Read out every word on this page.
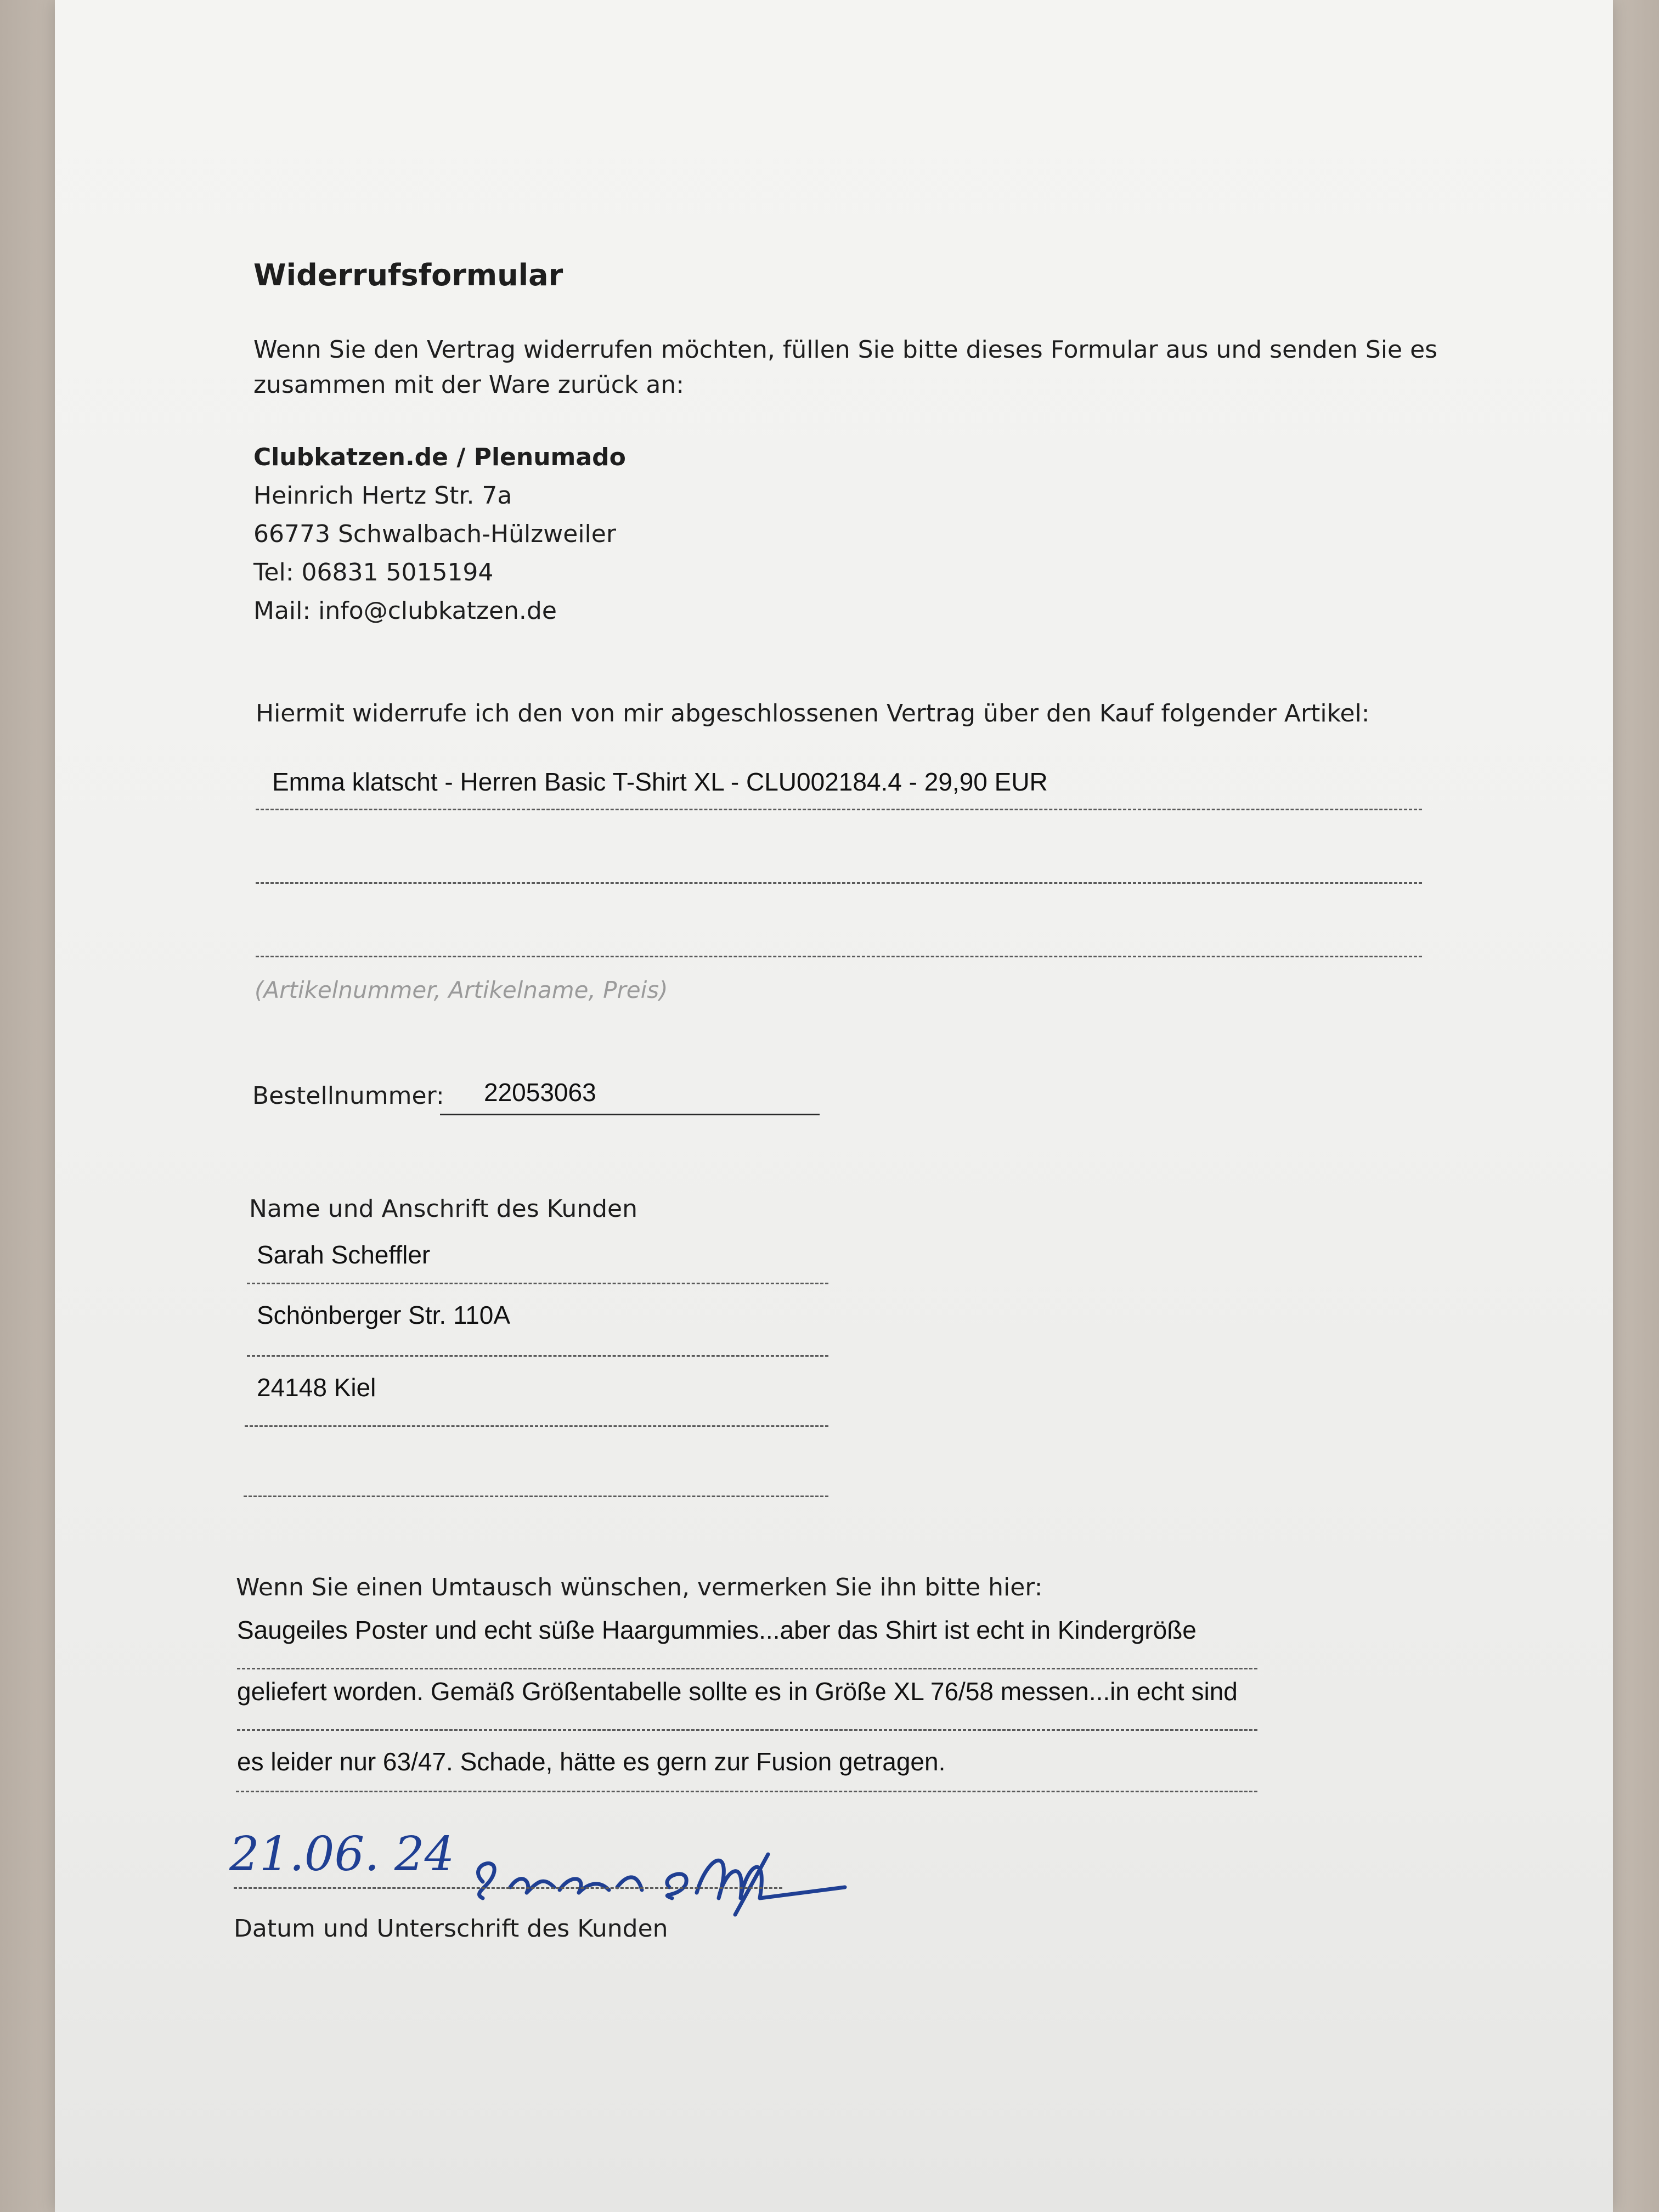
Widerrufsformular
Wenn Sie den Vertrag widerrufen möchten, füllen Sie bitte dieses Formular aus und senden Sie es
zusammen mit der Ware zurück an:
Clubkatzen.de / Plenumado
Heinrich Hertz Str. 7a
66773 Schwalbach-Hülzweiler
Tel: 06831 5015194
Mail: info@clubkatzen.de
Hiermit widerrufe ich den von mir abgeschlossenen Vertrag über den Kauf folgender Artikel:
Emma klatscht - Herren Basic T-Shirt XL - CLU002184.4 - 29,90 EUR
(Artikelnummer, Artikelname, Preis)
Bestellnummer: 22053063
Name und Anschrift des Kunden
Sarah Scheffler
Schönberger Str. 110A
24148 Kiel
Wenn Sie einen Umtausch wünschen, vermerken Sie ihn bitte hier:
Saugeiles Poster und echt süße Haargummies...aber das Shirt ist echt in Kindergröße
geliefert worden. Gemäß Größentabelle sollte es in Größe XL 76/58 messen...in echt sind
es leider nur 63/47. Schade, hätte es gern zur Fusion getragen.
21.06. 24
Datum und Unterschrift des Kunden
